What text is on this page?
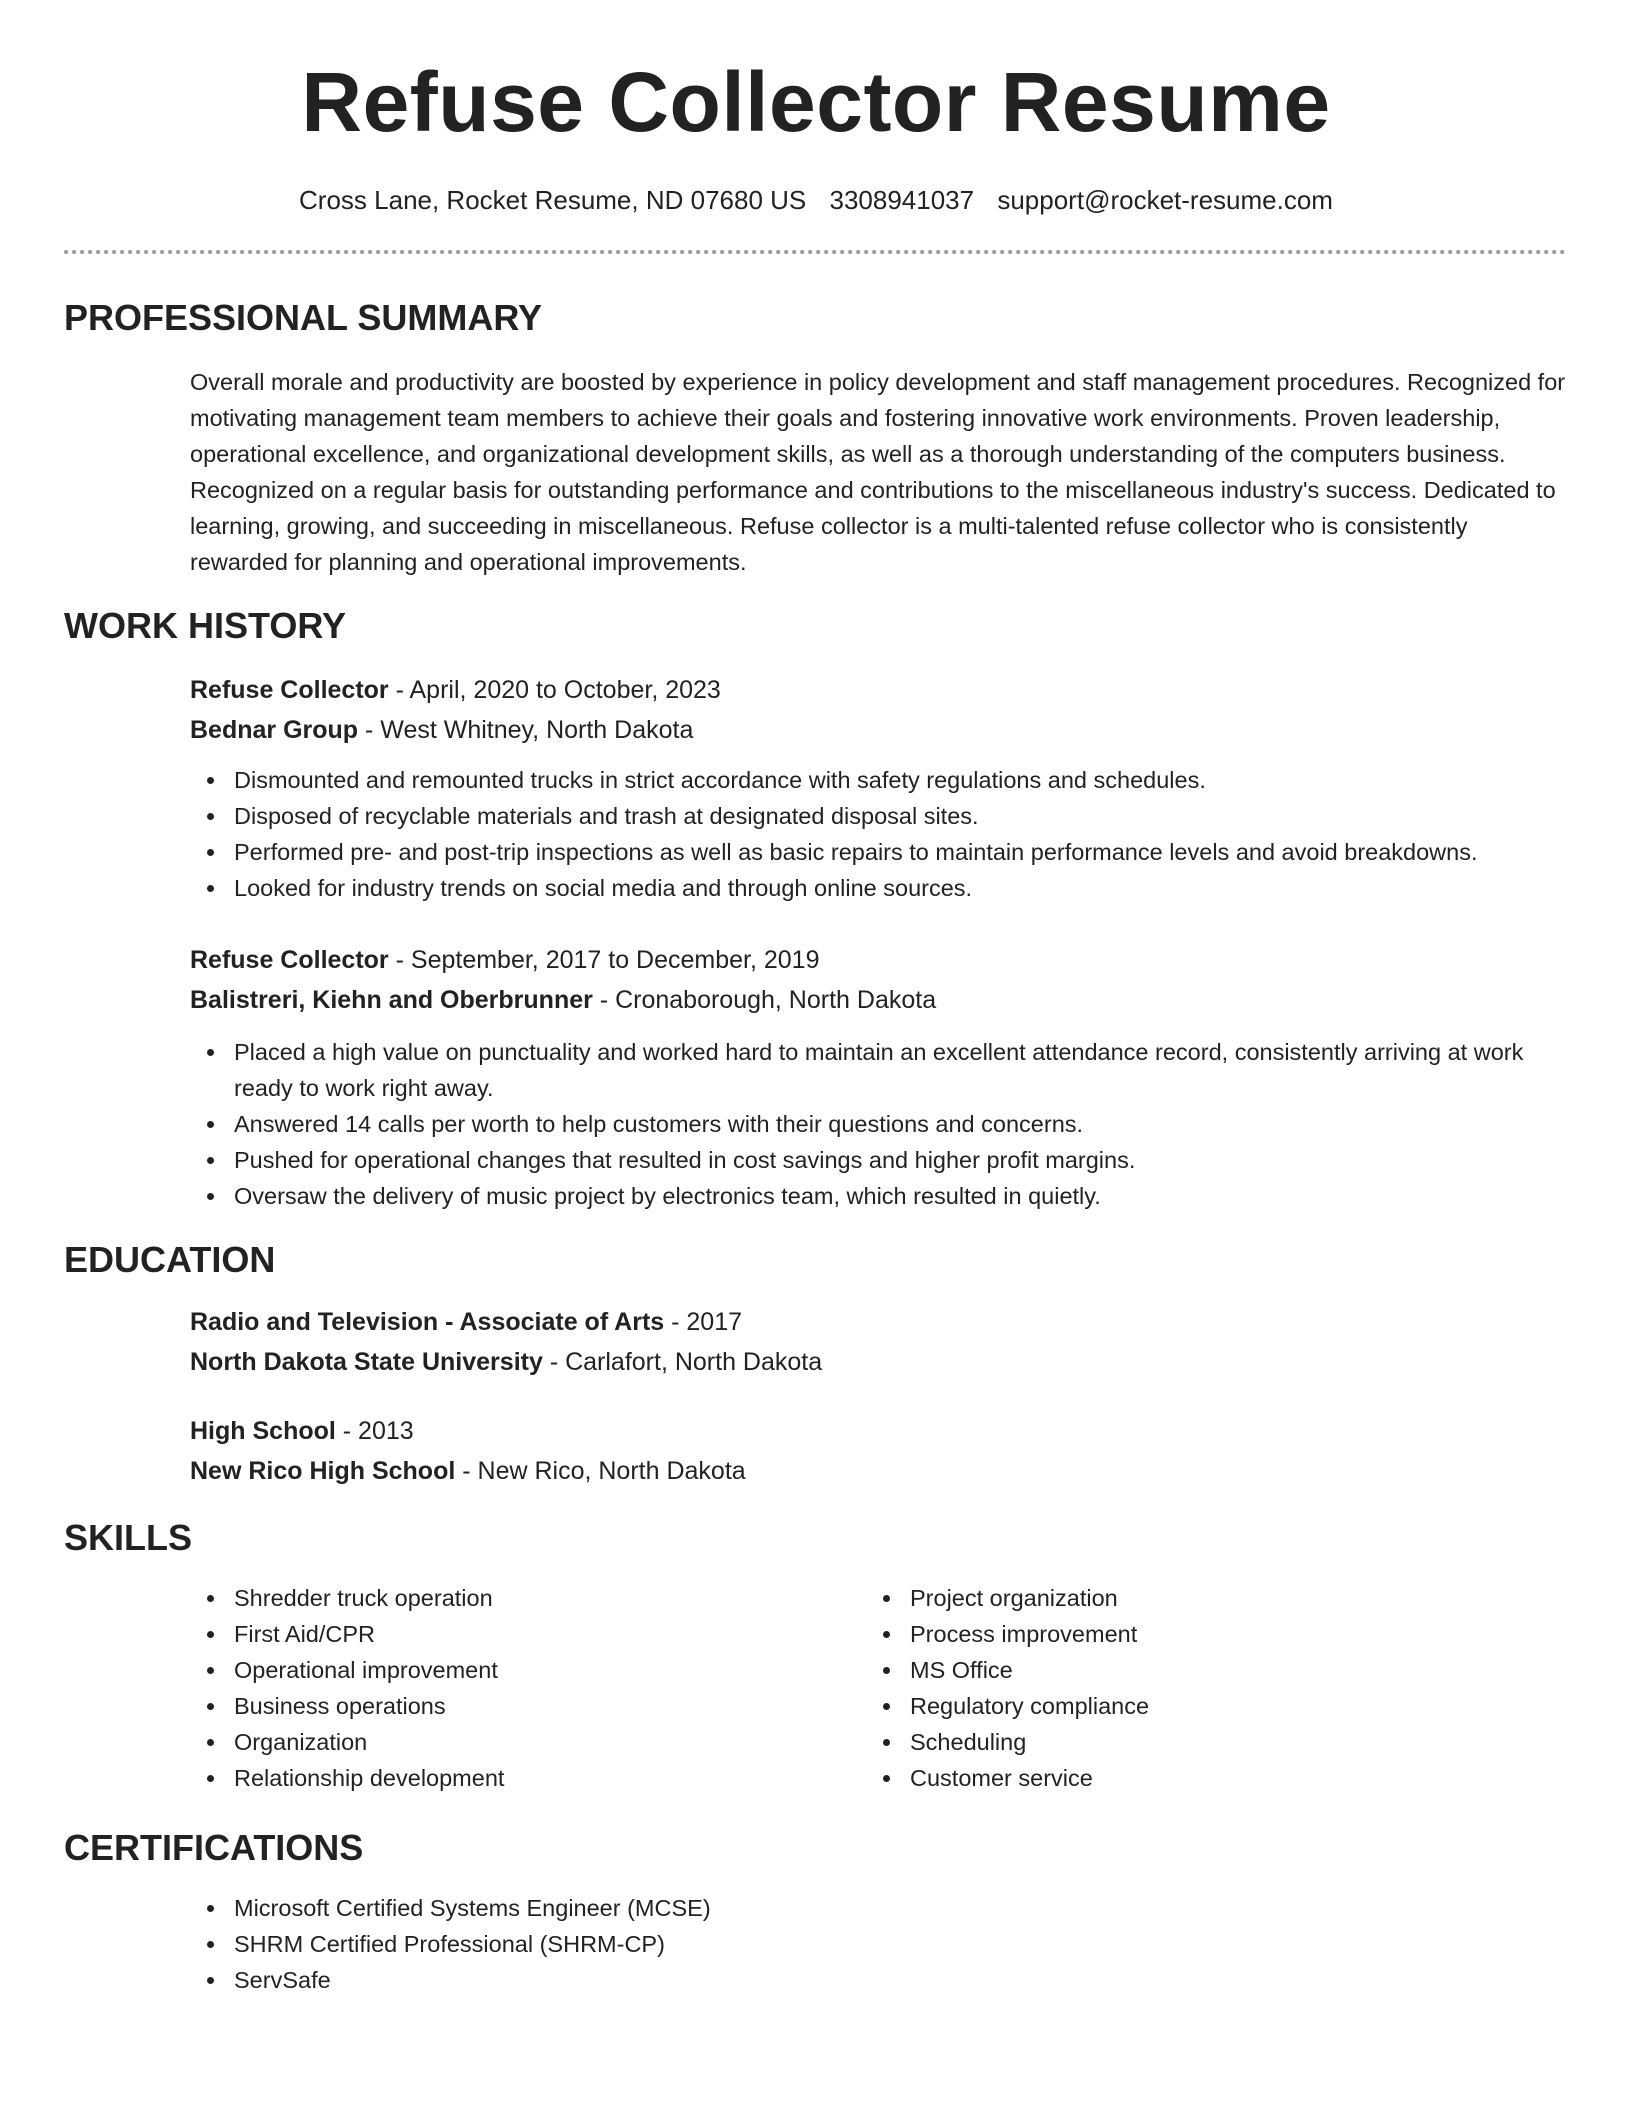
Refuse Collector Resume
Cross Lane, Rocket Resume, ND 07680 US 3308941037 support@rocket-resume.com
PROFESSIONAL SUMMARY
Overall morale and productivity are boosted by experience in policy development and staff management procedures. Recognized for motivating management team members to achieve their goals and fostering innovative work environments. Proven leadership, operational excellence, and organizational development skills, as well as a thorough understanding of the computers business. Recognized on a regular basis for outstanding performance and contributions to the miscellaneous industry's success. Dedicated to learning, growing, and succeeding in miscellaneous. Refuse collector is a multi-talented refuse collector who is consistently rewarded for planning and operational improvements.
WORK HISTORY
Refuse Collector - April, 2020 to October, 2023
Bednar Group - West Whitney, North Dakota
Dismounted and remounted trucks in strict accordance with safety regulations and schedules.
Disposed of recyclable materials and trash at designated disposal sites.
Performed pre- and post-trip inspections as well as basic repairs to maintain performance levels and avoid breakdowns.
Looked for industry trends on social media and through online sources.
Refuse Collector - September, 2017 to December, 2019
Balistreri, Kiehn and Oberbrunner - Cronaborough, North Dakota
Placed a high value on punctuality and worked hard to maintain an excellent attendance record, consistently arriving at work ready to work right away.
Answered 14 calls per worth to help customers with their questions and concerns.
Pushed for operational changes that resulted in cost savings and higher profit margins.
Oversaw the delivery of music project by electronics team, which resulted in quietly.
EDUCATION
Radio and Television - Associate of Arts - 2017
North Dakota State University - Carlafort, North Dakota
High School - 2013
New Rico High School - New Rico, North Dakota
SKILLS
Shredder truck operation
First Aid/CPR
Operational improvement
Business operations
Organization
Relationship development
Project organization
Process improvement
MS Office
Regulatory compliance
Scheduling
Customer service
CERTIFICATIONS
Microsoft Certified Systems Engineer (MCSE)
SHRM Certified Professional (SHRM-CP)
ServSafe
